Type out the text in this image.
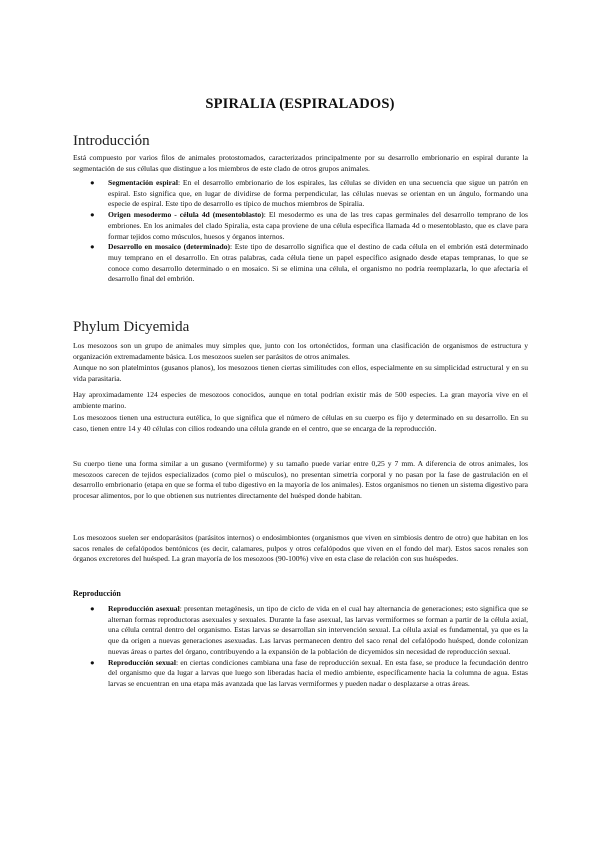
SPIRALIA (ESPIRALADOS)
Introducción

Está compuesto por varios filos de animales protostomados, caracterizados principalmente por su desarrollo embrionario en espiral durante la segmentación de sus células que distingue a los miembros de este clado de otros grupos animales.

● Segmentación espiral: En el desarrollo embrionario de los espirales, las células se dividen en una secuencia que sigue un patrón en espiral. Esto significa que, en lugar de dividirse de forma perpendicular, las células nuevas se orientan en un ángulo, formando una especie de espiral. Este tipo de desarrollo es típico de muchos miembros de Spiralia.
● Origen mesodermo - célula 4d (mesentoblasto): El mesodermo es una de las tres capas germinales del desarrollo temprano de los embriones. En los animales del clado Spiralia, esta capa proviene de una célula específica llamada 4d o mesentoblasto, que es clave para formar tejidos como músculos, huesos y órganos internos.
● Desarrollo en mosaico (determinado): Este tipo de desarrollo significa que el destino de cada célula en el embrión está determinado muy temprano en el desarrollo. En otras palabras, cada célula tiene un papel específico asignado desde etapas tempranas, lo que se conoce como desarrollo determinado o en mosaico. Si se elimina una célula, el organismo no podría reemplazarla, lo que afectaría el desarrollo final del embrión.
Phylum Dicyemida

Los mesozoos son un grupo de animales muy simples que, junto con los ortonéctidos, forman una clasificación de organismos de estructura y organización extremadamente básica. Los mesozoos suelen ser parásitos de otros animales.

Aunque no son platelmintos (gusanos planos), los mesozoos tienen ciertas similitudes con ellos, especialmente en su simplicidad estructural y en su vida parasitaria.

Hay aproximadamente 124 especies de mesozoos conocidos, aunque en total podrían existir más de 500 especies. La gran mayoría vive en el ambiente marino.

Los mesozoos tienen una estructura eutélica, lo que significa que el número de células en su cuerpo es fijo y determinado en su desarrollo. En su caso, tienen entre 14 y 40 células con cilios rodeando una célula grande en el centro, que se encarga de la reproducción.

Su cuerpo tiene una forma similar a un gusano (vermiforme) y su tamaño puede variar entre 0,25 y 7 mm. A diferencia de otros animales, los mesozoos carecen de tejidos especializados (como piel o músculos), no presentan simetría corporal y no pasan por la fase de gastrulación en el desarrollo embrionario (etapa en que se forma el tubo digestivo en la mayoría de los animales). Estos organismos no tienen un sistema digestivo para procesar alimentos, por lo que obtienen sus nutrientes directamente del huésped donde habitan.

Los mesozoos suelen ser endoparásitos (parásitos internos) o endosimbiontes (organismos que viven en simbiosis dentro de otro) que habitan en los sacos renales de cefalópodos bentónicos (es decir, calamares, pulpos y otros cefalópodos que viven en el fondo del mar). Estos sacos renales son órganos excretores del huésped. La gran mayoría de los mesozoos (90-100%) vive en esta clase de relación con sus huéspedes.

Reproducción
● Reproducción asexual: presentan metagénesis, un tipo de ciclo de vida en el cual hay alternancia de generaciones; esto significa que se alternan formas reproductoras asexuales y sexuales. Durante la fase asexual, las larvas vermiformes se forman a partir de la célula axial, una célula central dentro del organismo. Estas larvas se desarrollan sin intervención sexual. La célula axial es fundamental, ya que es la que da origen a nuevas generaciones asexuadas. Las larvas permanecen dentro del saco renal del cefalópodo huésped, donde colonizan nuevas áreas o partes del órgano, contribuyendo a la expansión de la población de dicyemidos sin necesidad de reproducción sexual.
● Reproducción sexual: en ciertas condiciones cambiana una fase de reproducción sexual. En esta fase, se produce la fecundación dentro del organismo que da lugar a larvas que luego son liberadas hacia el medio ambiente, específicamente hacia la columna de agua. Estas larvas se encuentran en una etapa más avanzada que las larvas vermiformes y pueden nadar o desplazarse a otras áreas.
